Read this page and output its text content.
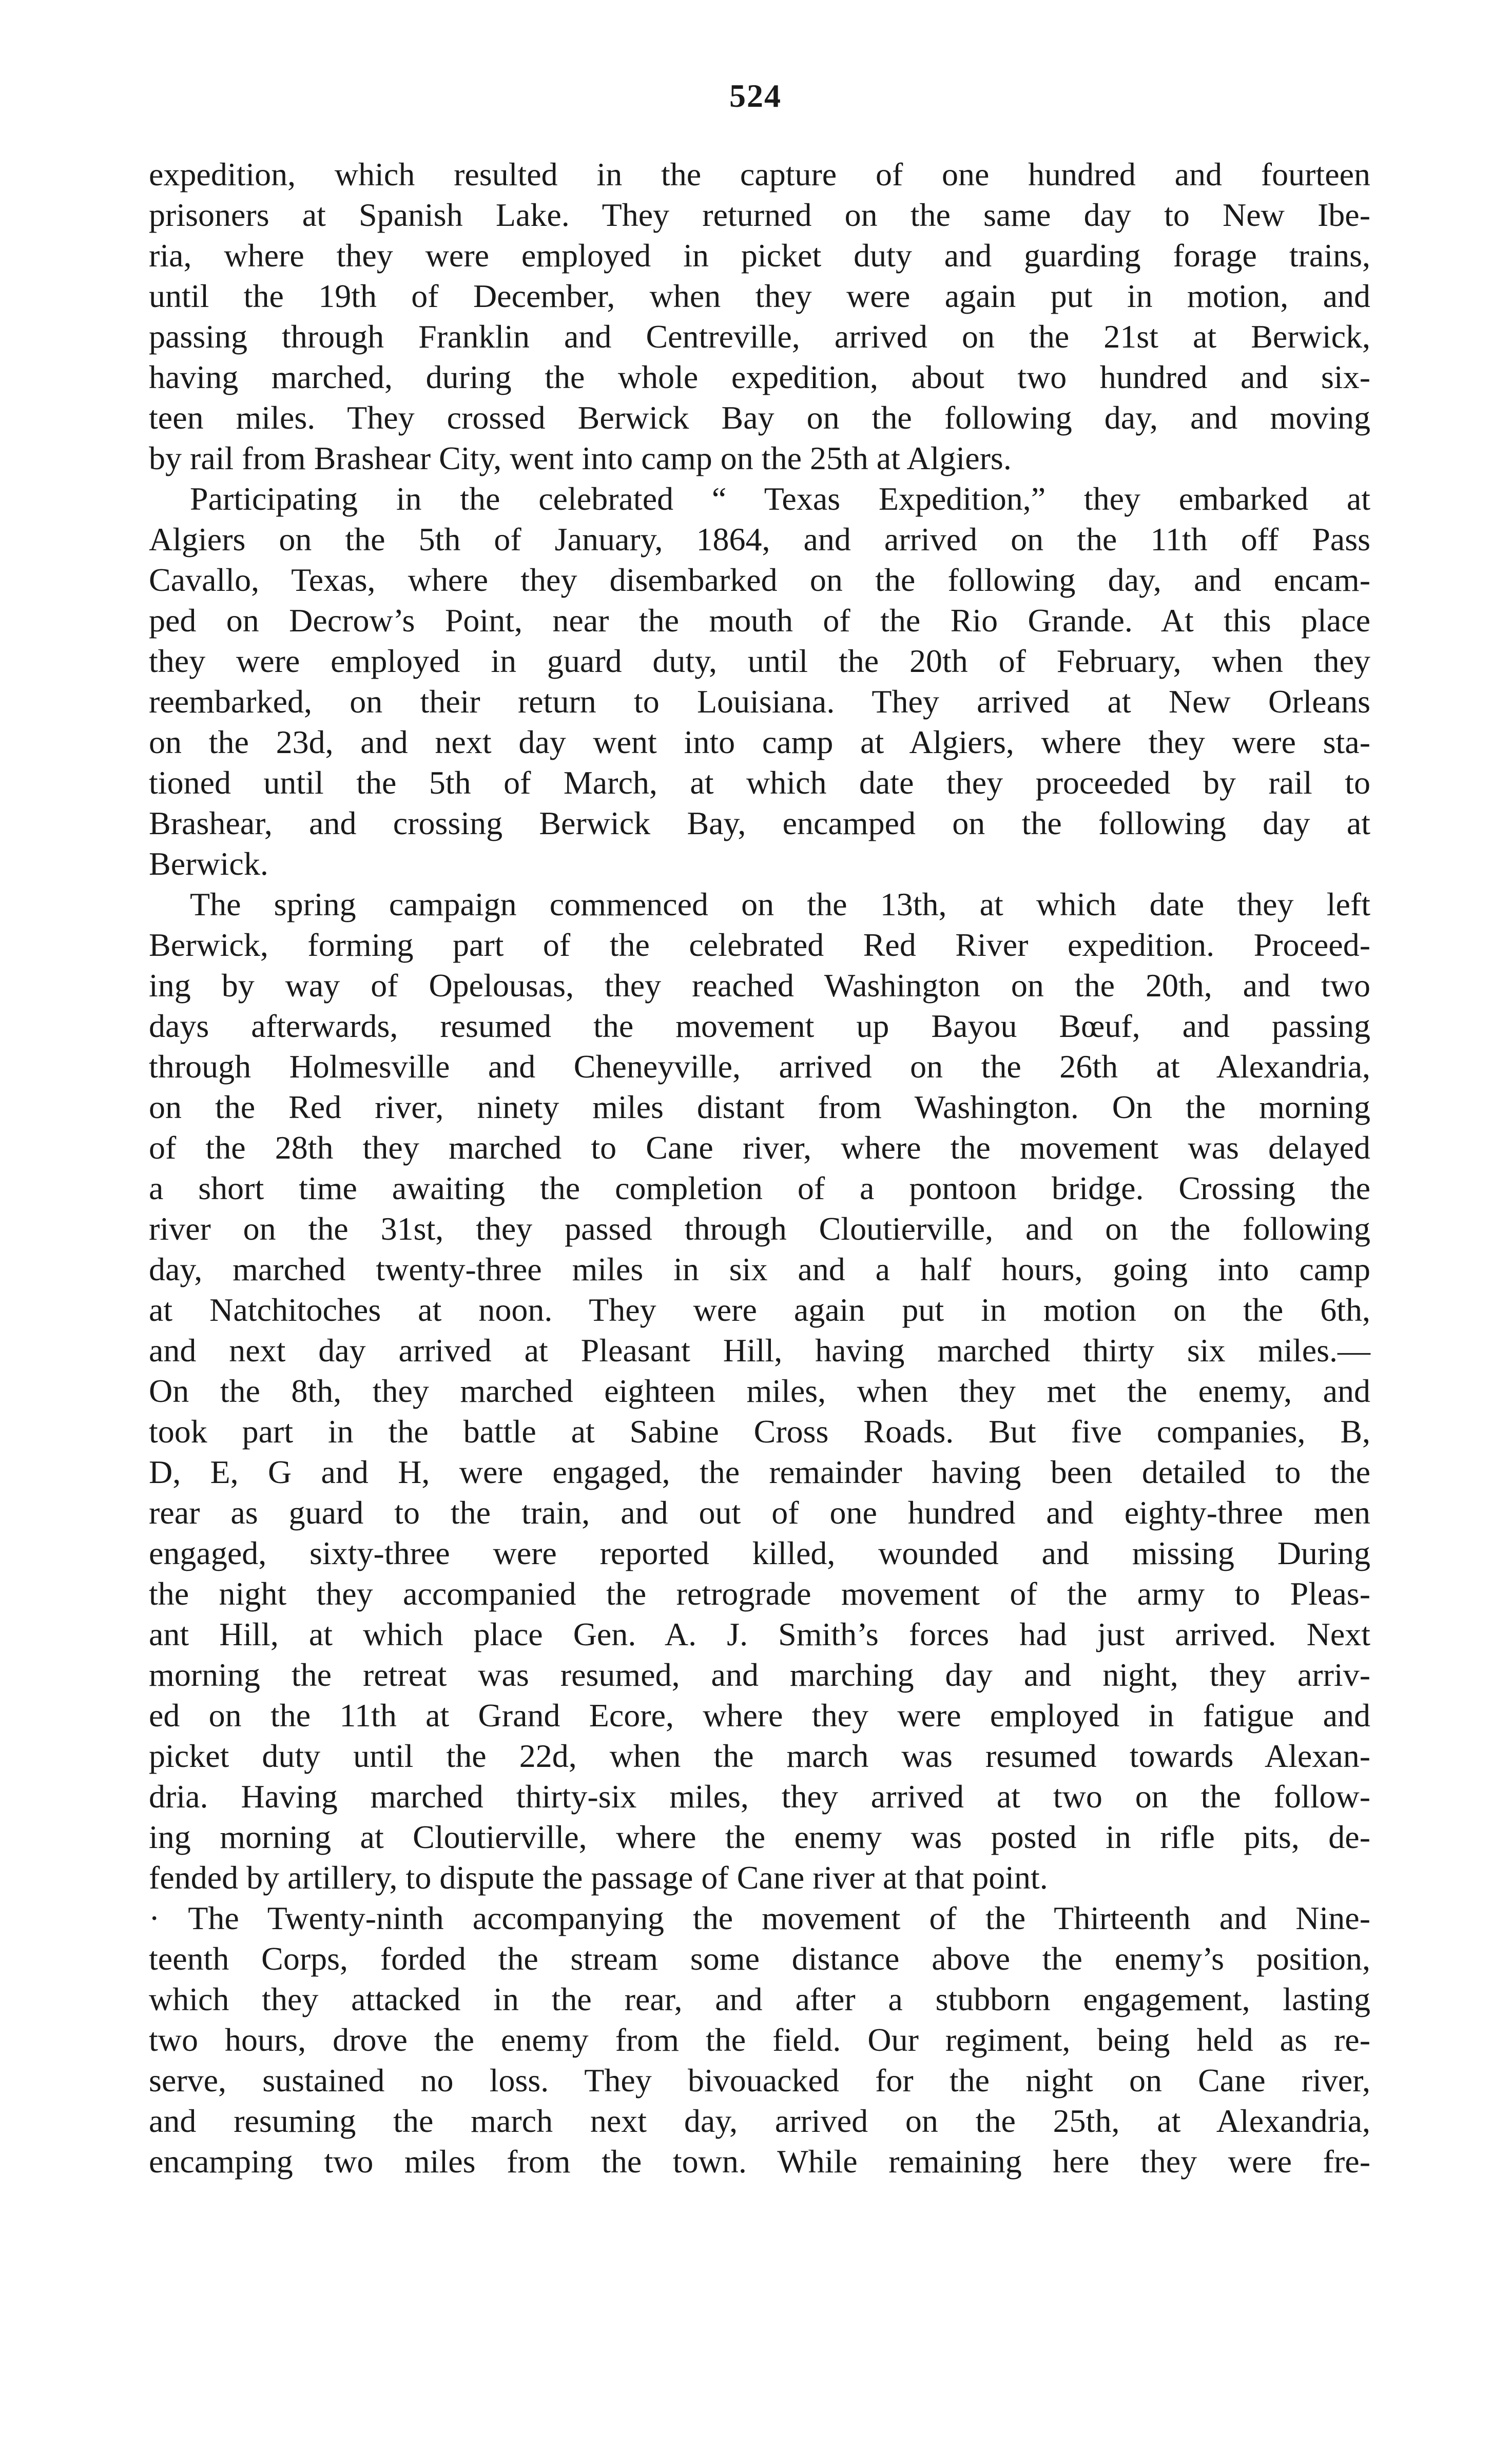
524
expedition, which resulted in the capture of one hundred and fourteen
prisoners at Spanish Lake. They returned on the same day to New Ibe-
ria, where they were employed in picket duty and guarding forage trains,
until the 19th of December, when they were again put in motion, and
passing through Franklin and Centreville, arrived on the 21st at Berwick,
having marched, during the whole expedition, about two hundred and six-
teen miles. They crossed Berwick Bay on the following day, and moving
by rail from Brashear City, went into camp on the 25th at Algiers.
Participating in the celebrated “ Texas Expedition,” they embarked at
Algiers on the 5th of January, 1864, and arrived on the 11th off Pass
Cavallo, Texas, where they disembarked on the following day, and encam-
ped on Decrow’s Point, near the mouth of the Rio Grande. At this place
they were employed in guard duty, until the 20th of February, when they
reembarked, on their return to Louisiana. They arrived at New Orleans
on the 23d, and next day went into camp at Algiers, where they were sta-
tioned until the 5th of March, at which date they proceeded by rail to
Brashear, and crossing Berwick Bay, encamped on the following day at
Berwick.
The spring campaign commenced on the 13th, at which date they left
Berwick, forming part of the celebrated Red River expedition. Proceed-
ing by way of Opelousas, they reached Washington on the 20th, and two
days afterwards, resumed the movement up Bayou Bœuf, and passing
through Holmesville and Cheneyville, arrived on the 26th at Alexandria,
on the Red river, ninety miles distant from Washington. On the morning
of the 28th they marched to Cane river, where the movement was delayed
a short time awaiting the completion of a pontoon bridge. Crossing the
river on the 31st, they passed through Cloutierville, and on the following
day, marched twenty-three miles in six and a half hours, going into camp
at Natchitoches at noon. They were again put in motion on the 6th,
and next day arrived at Pleasant Hill, having marched thirty six miles.—
On the 8th, they marched eighteen miles, when they met the enemy, and
took part in the battle at Sabine Cross Roads. But five companies, B,
D, E, G and H, were engaged, the remainder having been detailed to the
rear as guard to the train, and out of one hundred and eighty-three men
engaged, sixty-three were reported killed, wounded and missing During
the night they accompanied the retrograde movement of the army to Pleas-
ant Hill, at which place Gen. A. J. Smith’s forces had just arrived. Next
morning the retreat was resumed, and marching day and night, they arriv-
ed on the 11th at Grand Ecore, where they were employed in fatigue and
picket duty until the 22d, when the march was resumed towards Alexan-
dria. Having marched thirty-six miles, they arrived at two on the follow-
ing morning at Cloutierville, where the enemy was posted in rifle pits, de-
fended by artillery, to dispute the passage of Cane river at that point.
· The Twenty-ninth accompanying the movement of the Thirteenth and Nine-
teenth Corps, forded the stream some distance above the enemy’s position,
which they attacked in the rear, and after a stubborn engagement, lasting
two hours, drove the enemy from the field. Our regiment, being held as re-
serve, sustained no loss. They bivouacked for the night on Cane river,
and resuming the march next day, arrived on the 25th, at Alexandria,
encamping two miles from the town. While remaining here they were fre-
